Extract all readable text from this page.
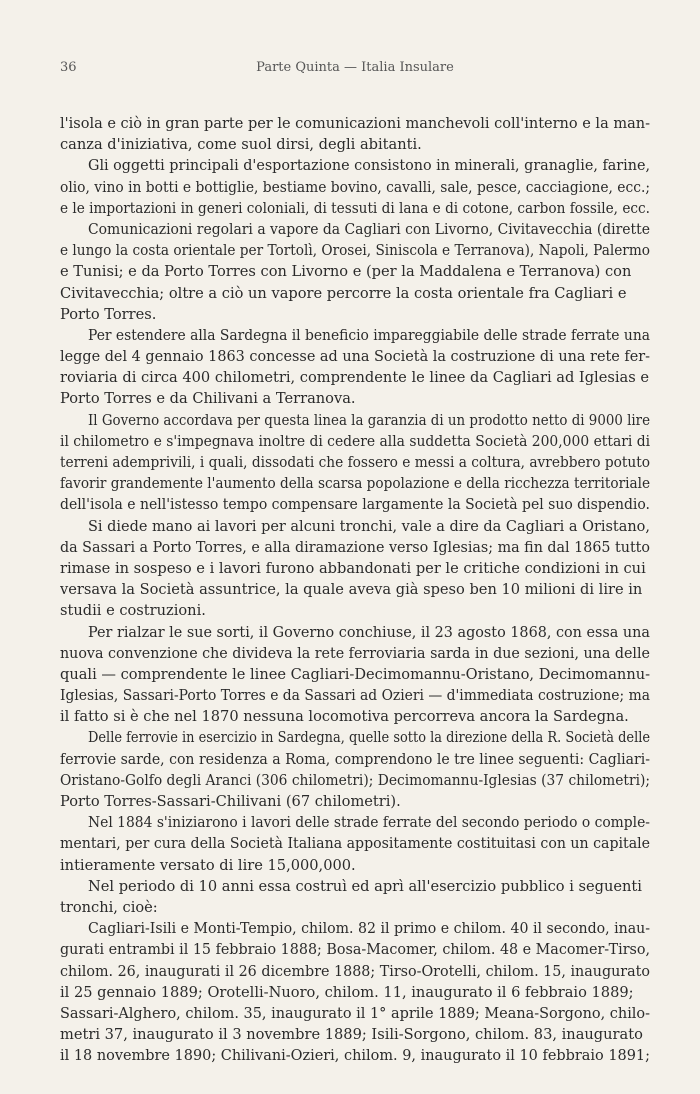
36	Parte Quinta — Italia Insulare
l'isola e ciò in gran parte per le comunicazioni manchevoli coll'interno e la man-
canza d'iniziativa, come suol dirsi, degli abitanti.
Gli oggetti principali d'esportazione consistono in minerali, granaglie, farine,
olio, vino in botti e bottiglie, bestiame bovino, cavalli, sale, pesce, cacciagione, ecc.;
e le importazioni in generi coloniali, di tessuti di lana e di cotone, carbon fossile, ecc.
Comunicazioni regolari a vapore da Cagliari con Livorno, Civitavecchia (dirette
e lungo la costa orientale per Tortolì, Orosei, Siniscola e Terranova), Napoli, Palermo
e Tunisi; e da Porto Torres con Livorno e (per la Maddalena e Terranova) con
Civitavecchia; oltre a ciò un vapore percorre la costa orientale fra Cagliari e
Porto Torres.
Per estendere alla Sardegna il beneficio impareggiabile delle strade ferrate una
legge del 4 gennaio 1863 concesse ad una Società la costruzione di una rete fer-
roviaria di circa 400 chilometri, comprendente le linee da Cagliari ad Iglesias e
Porto Torres e da Chilivani a Terranova.
Il Governo accordava per questa linea la garanzia di un prodotto netto di 9000 lire
il chilometro e s'impegnava inoltre di cedere alla suddetta Società 200,000 ettari di
terreni ademprivili, i quali, dissodati che fossero e messi a coltura, avrebbero potuto
favorir grandemente l'aumento della scarsa popolazione e della ricchezza territoriale
dell'isola e nell'istesso tempo compensare largamente la Società pel suo dispendio.
Si diede mano ai lavori per alcuni tronchi, vale a dire da Cagliari a Oristano,
da Sassari a Porto Torres, e alla diramazione verso Iglesias; ma fin dal 1865 tutto
rimase in sospeso e i lavori furono abbandonati per le critiche condizioni in cui
versava la Società assuntrice, la quale aveva già speso ben 10 milioni di lire in
studii e costruzioni.
Per rialzar le sue sorti, il Governo conchiuse, il 23 agosto 1868, con essa una
nuova convenzione che divideva la rete ferroviaria sarda in due sezioni, una delle
quali — comprendente le linee Cagliari-Decimomannu-Oristano, Decimomannu-
Iglesias, Sassari-Porto Torres e da Sassari ad Ozieri — d'immediata costruzione; ma
il fatto si è che nel 1870 nessuna locomotiva percorreva ancora la Sardegna.
Delle ferrovie in esercizio in Sardegna, quelle sotto la direzione della R. Società delle
ferrovie sarde, con residenza a Roma, comprendono le tre linee seguenti: Cagliari-
Oristano-Golfo degli Aranci (306 chilometri); Decimomannu-Iglesias (37 chilometri);
Porto Torres-Sassari-Chilivani (67 chilometri).
Nel 1884 s'iniziarono i lavori delle strade ferrate del secondo periodo o comple-
mentari, per cura della Società Italiana appositamente costituitasi con un capitale
intieramente versato di lire 15,000,000.
Nel periodo di 10 anni essa costruì ed aprì all'esercizio pubblico i seguenti
tronchi, cioè:
Cagliari-Isili e Monti-Tempio, chilom. 82 il primo e chilom. 40 il secondo, inau-
gurati entrambi il 15 febbraio 1888; Bosa-Macomer, chilom. 48 e Macomer-Tirso,
chilom. 26, inaugurati il 26 dicembre 1888; Tirso-Orotelli, chilom. 15, inaugurato
il 25 gennaio 1889; Orotelli-Nuoro, chilom. 11, inaugurato il 6 febbraio 1889;
Sassari-Alghero, chilom. 35, inaugurato il 1° aprile 1889; Meana-Sorgono, chilo-
metri 37, inaugurato il 3 novembre 1889; Isili-Sorgono, chilom. 83, inaugurato
il 18 novembre 1890; Chilivani-Ozieri, chilom. 9, inaugurato il 10 febbraio 1891;
